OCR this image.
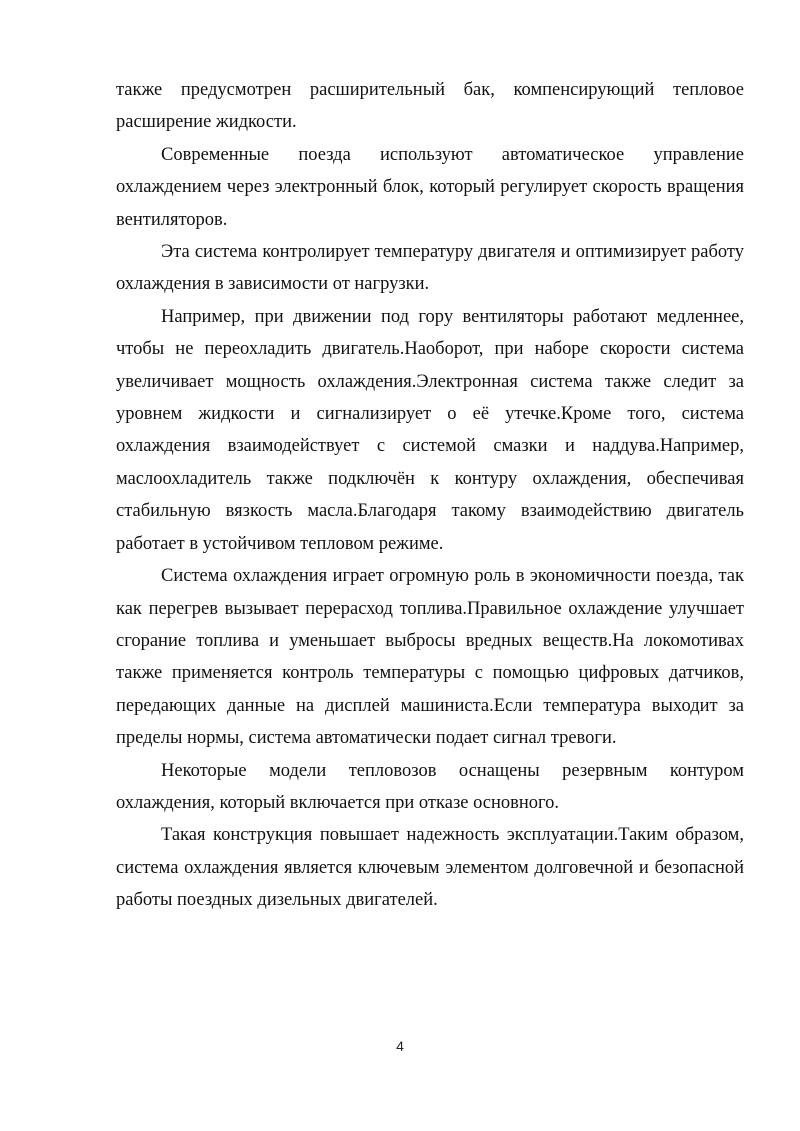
также предусмотрен расширительный бак, компенсирующий тепловое расширение жидкости.

Современные поезда используют автоматическое управление охлаждением через электронный блок, который регулирует скорость вращения вентиляторов.

Эта система контролирует температуру двигателя и оптимизирует работу охлаждения в зависимости от нагрузки.

Например, при движении под гору вентиляторы работают медленнее, чтобы не переохладить двигатель.Наоборот, при наборе скорости система увеличивает мощность охлаждения.Электронная система также следит за уровнем жидкости и сигнализирует о её утечке.Кроме того, система охлаждения взаимодействует с системой смазки и наддува.Например, маслоохладитель также подключён к контуру охлаждения, обеспечивая стабильную вязкость масла.Благодаря такому взаимодействию двигатель работает в устойчивом тепловом режиме.

Система охлаждения играет огромную роль в экономичности поезда, так как перегрев вызывает перерасход топлива.Правильное охлаждение улучшает сгорание топлива и уменьшает выбросы вредных веществ.На локомотивах также применяется контроль температуры с помощью цифровых датчиков, передающих данные на дисплей машиниста.Если температура выходит за пределы нормы, система автоматически подает сигнал тревоги.

Некоторые модели тепловозов оснащены резервным контуром охлаждения, который включается при отказе основного.

Такая конструкция повышает надежность эксплуатации.Таким образом, система охлаждения является ключевым элементом долговечной и безопасной работы поездных дизельных двигателей.

4
